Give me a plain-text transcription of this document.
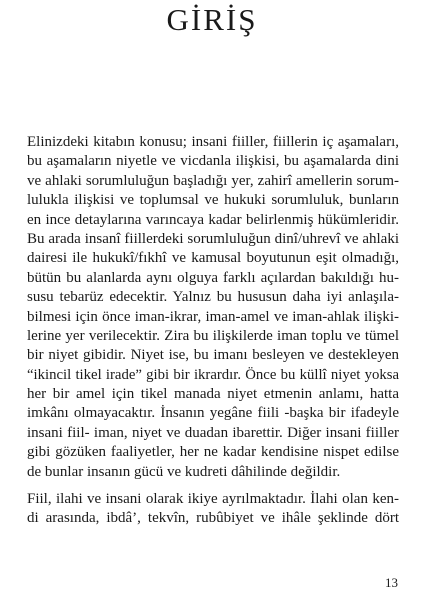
GİRİŞ
Elinizdeki kitabın konusu; insani fiiller, fiillerin iç aşamaları,
bu aşamaların niyetle ve vicdanla ilişkisi, bu aşamalarda dini
ve ahlaki sorumluluğun başladığı yer, zahirî amellerin sorum-
lulukla ilişkisi ve toplumsal ve hukuki sorumluluk, bunların
en ince detaylarına varıncaya kadar belirlenmiş hükümleridir.
Bu arada insanî fiillerdeki sorumluluğun dinî/uhrevî ve ahlaki
dairesi ile hukukî/fıkhî ve kamusal boyutunun eşit olmadığı,
bütün bu alanlarda aynı olguya farklı açılardan bakıldığı hu-
susu tebarüz edecektir. Yalnız bu hususun daha iyi anlaşıla-
bilmesi için önce iman-ikrar, iman-amel ve iman-ahlak ilişki-
lerine yer verilecektir. Zira bu ilişkilerde iman toplu ve tümel
bir niyet gibidir. Niyet ise, bu imanı besleyen ve destekleyen
“ikincil tikel irade” gibi bir ikrardır. Önce bu küllî niyet yoksa
her bir amel için tikel manada niyet etmenin anlamı, hatta
imkânı olmayacaktır. İnsanın yegâne fiili -başka bir ifadeyle
insani fiil- iman, niyet ve duadan ibarettir. Diğer insani fiiller
gibi gözüken faaliyetler, her ne kadar kendisine nispet edilse
de bunlar insanın gücü ve kudreti dâhilinde değildir.
Fiil, ilahi ve insani olarak ikiye ayrılmaktadır. İlahi olan ken-
di arasında, ibdâ’, tekvîn, rubûbiyet ve ihâle şeklinde dört
13
